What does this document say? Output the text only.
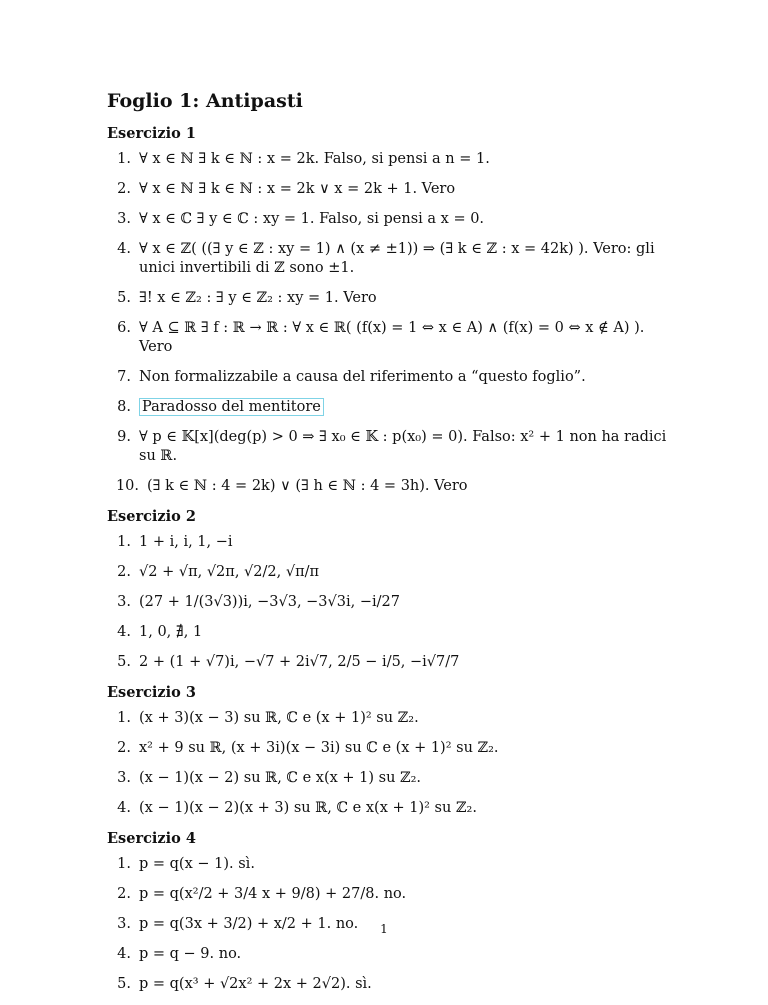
Foglio 1: Antipasti
Esercizio 1
1. ∀ x ∈ ℕ ∃ k ∈ ℕ : x = 2k. Falso, si pensi a n = 1.
2. ∀ x ∈ ℕ ∃ k ∈ ℕ : x = 2k ∨ x = 2k + 1. Vero
3. ∀ x ∈ ℂ ∃ y ∈ ℂ : xy = 1. Falso, si pensi a x = 0.
4. ∀ x ∈ ℤ( ((∃ y ∈ ℤ : xy = 1) ∧ (x ≠ ±1)) ⇒ (∃ k ∈ ℤ : x = 42k) ). Vero: gli unici invertibili di ℤ sono ±1.
5. ∃! x ∈ ℤ₂ : ∃ y ∈ ℤ₂ : xy = 1. Vero
6. ∀ A ⊆ ℝ ∃ f : ℝ → ℝ : ∀ x ∈ ℝ( (f(x) = 1 ⇔ x ∈ A) ∧ (f(x) = 0 ⇔ x ∉ A) ). Vero
7. Non formalizzabile a causa del riferimento a “questo foglio”.
8. Paradosso del mentitore
9. ∀ p ∈ 𝕂[x](deg(p) > 0 ⇒ ∃ x₀ ∈ 𝕂 : p(x₀) = 0). Falso: x² + 1 non ha radici su ℝ.
10. (∃ k ∈ ℕ : 4 = 2k) ∨ (∃ h ∈ ℕ : 4 = 3h). Vero
Esercizio 2
1. 1 + i, i, 1, −i
2. √2 + √π, √2π, √2/2, √π/π
3. (27 + 1/(3√3))i, −3√3, −3√3i, −i/27
4. 1, 0, ∄, 1
5. 2 + (1 + √7)i, −√7 + 2i√7, 2/5 − i/5, −i√7/7
Esercizio 3
1. (x + 3)(x − 3) su ℝ, ℂ e (x + 1)² su ℤ₂.
2. x² + 9 su ℝ, (x + 3i)(x − 3i) su ℂ e (x + 1)² su ℤ₂.
3. (x − 1)(x − 2) su ℝ, ℂ e x(x + 1) su ℤ₂.
4. (x − 1)(x − 2)(x + 3) su ℝ, ℂ e x(x + 1)² su ℤ₂.
Esercizio 4
1. p = q(x − 1). sì.
2. p = q(x²/2 + 3/4 x + 9/8) + 27/8. no.
3. p = q(3x + 3/2) + x/2 + 1. no.
4. p = q − 9. no.
5. p = q(x³ + √2x² + 2x + 2√2). sì.
1
